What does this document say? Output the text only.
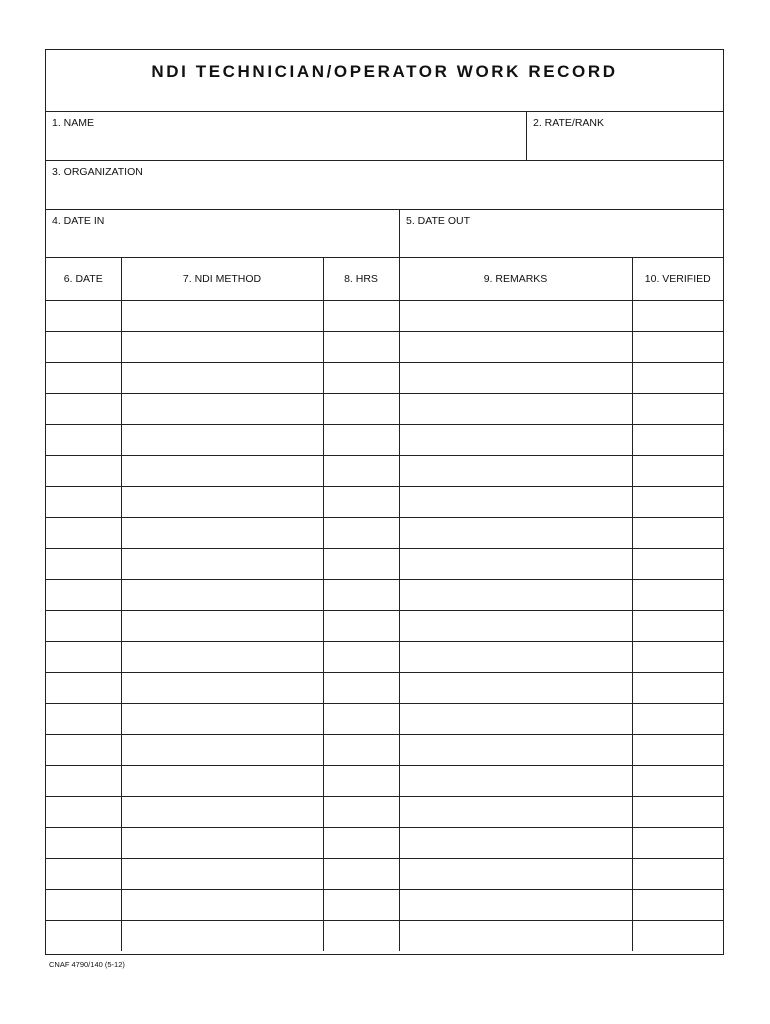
NDI TECHNICIAN/OPERATOR WORK RECORD
1. NAME	2. RATE/RANK
3. ORGANIZATION
4. DATE IN	5. DATE OUT
6. DATE	7. NDI METHOD	8. HRS	9. REMARKS	10. VERIFIED

CNAF 4790/140 (5-12)
